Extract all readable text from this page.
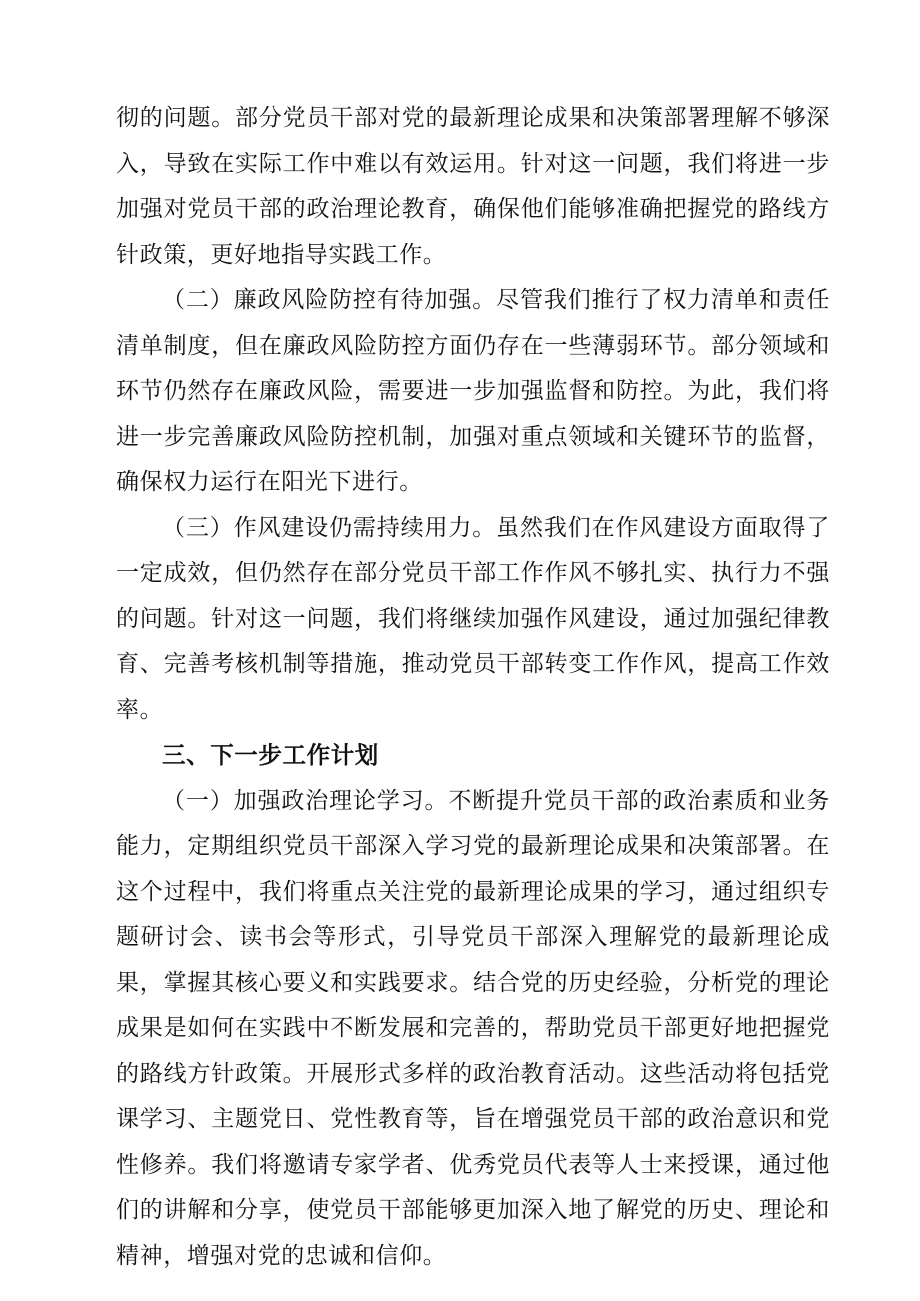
彻的问题。部分党员干部对党的最新理论成果和决策部署理解不够深入，导致在实际工作中难以有效运用。针对这一问题，我们将进一步加强对党员干部的政治理论教育，确保他们能够准确把握党的路线方针政策，更好地指导实践工作。

（二）廉政风险防控有待加强。尽管我们推行了权力清单和责任清单制度，但在廉政风险防控方面仍存在一些薄弱环节。部分领域和环节仍然存在廉政风险，需要进一步加强监督和防控。为此，我们将进一步完善廉政风险防控机制，加强对重点领域和关键环节的监督，确保权力运行在阳光下进行。

（三）作风建设仍需持续用力。虽然我们在作风建设方面取得了一定成效，但仍然存在部分党员干部工作作风不够扎实、执行力不强的问题。针对这一问题，我们将继续加强作风建设，通过加强纪律教育、完善考核机制等措施，推动党员干部转变工作作风，提高工作效率。

三、下一步工作计划

（一）加强政治理论学习。不断提升党员干部的政治素质和业务能力，定期组织党员干部深入学习党的最新理论成果和决策部署。在这个过程中，我们将重点关注党的最新理论成果的学习，通过组织专题研讨会、读书会等形式，引导党员干部深入理解党的最新理论成果，掌握其核心要义和实践要求。结合党的历史经验，分析党的理论成果是如何在实践中不断发展和完善的，帮助党员干部更好地把握党的路线方针政策。开展形式多样的政治教育活动。这些活动将包括党课学习、主题党日、党性教育等，旨在增强党员干部的政治意识和党性修养。我们将邀请专家学者、优秀党员代表等人士来授课，通过他们的讲解和分享，使党员干部能够更加深入地了解党的历史、理论和精神，增强对党的忠诚和信仰。
